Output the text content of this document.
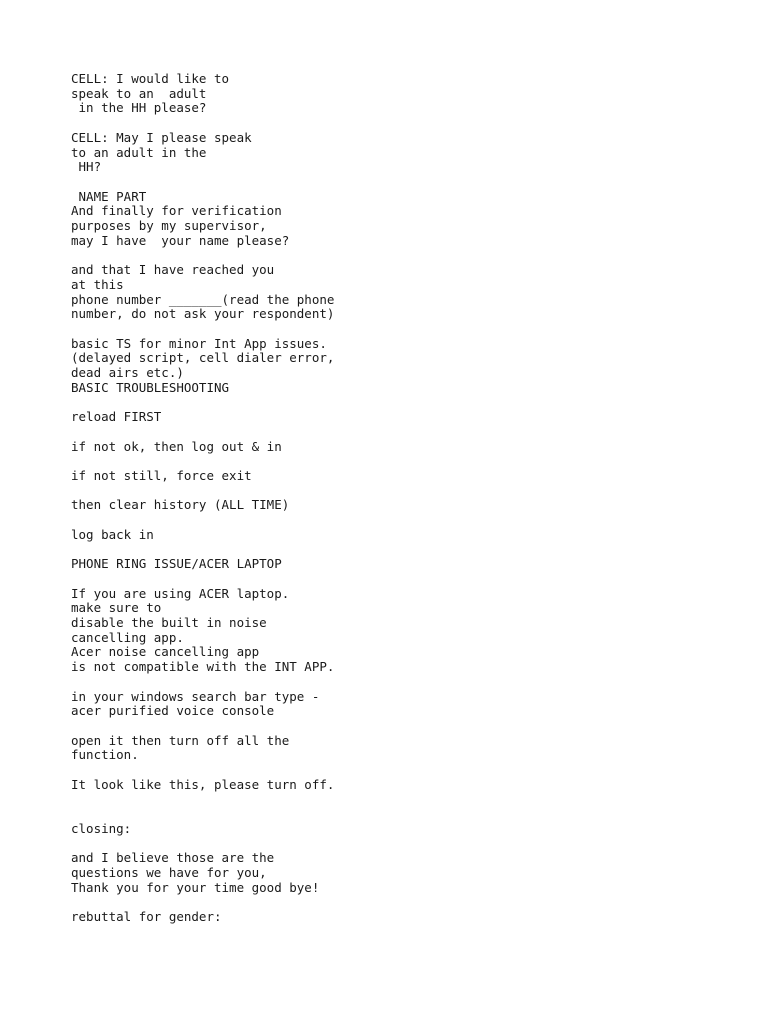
CELL: I would like to
speak to an  adult
in the HH please?

CELL: May I please speak
to an adult in the
HH?

NAME PART
And finally for verification
purposes by my supervisor,
may I have  your name please?

and that I have reached you
at this
phone number _______(read the phone
number, do not ask your respondent)

basic TS for minor Int App issues.
(delayed script, cell dialer error,
dead airs etc.)
BASIC TROUBLESHOOTING

reload FIRST

if not ok, then log out & in

if not still, force exit

then clear history (ALL TIME)

log back in

PHONE RING ISSUE/ACER LAPTOP

If you are using ACER laptop.
make sure to
disable the built in noise
cancelling app.
Acer noise cancelling app
is not compatible with the INT APP.

in your windows search bar type -
acer purified voice console

open it then turn off all the
function.

It look like this, please turn off.

closing:

and I believe those are the
questions we have for you,
Thank you for your time good bye!

rebuttal for gender:
